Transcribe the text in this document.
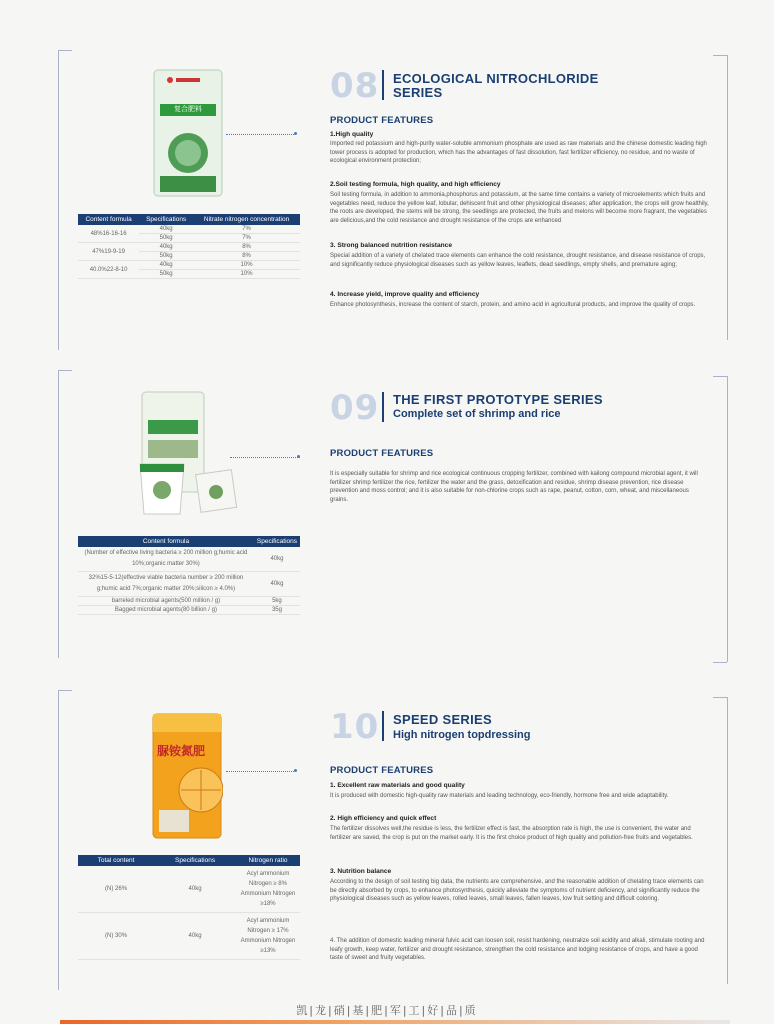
复合肥料
Content formula	Specifications	Nitrate nitrogen concentration
48%16-16-16	40kg	7%
	50kg	7%
47%19-9-19	40kg	8%
	50kg	8%
40.0%22-8-10	40kg	10%
	50kg	10%
08 ECOLOGICAL NITROCHLORIDE
SERIES
PRODUCT FEATURES
1.High quality
Imported red potassium and high-purity water-soluble ammonium phosphate are used as raw materials and the chinese domestic leading high tower process is adopted for production, which has the advantages of fast dissolution, fast fertilizer efficiency, no residue, and no waste of ecological environment protection;
2.Soil testing formula, high quality, and high efficiency
Soil testing formula, in addition to ammonia,phosphorus and potassium, at the same time contains a variety of microelements which fruits and vegetables need, reduce the yellow leaf, lobular, dehiscent fruit and other physiological diseases; after application, the crops will grow healthily, the roots are developed, the stems will be strong, the seedlings are protected, the fruits and melons will become more fragrant, the vegetables are delicious,and the cold resistance and drought resistance of the crops are enhanced
3. Strong balanced nutrition resistance
Special addition of a variety of chelated trace elements can enhance the cold resistance, drought resistance, and disease resistance of crops, and significantly reduce physiological diseases such as yellow leaves, leaflets, dead seedlings, empty shells, and premature aging;
4. Increase yield, improve quality and efficiency
Enhance photosynthesis, increase the content of starch, protein, and amino acid in agricultural products, and improve the quality of crops.
Content formula	Specifications
(Number of effective living bacteria ≥ 200 million g;humic acid 10%;organic matter 30%)	40kg
32%15-5-12(effective viable bacteria number ≥ 200 million g;humic acid 7%;organic matter 20%;silicon ≥ 4.0%)	40kg
barreled microbial agents(500 million / g)	5kg
Bagged microbial agents(80 billion / g)	35g
09 THE FIRST PROTOTYPE SERIES
Complete set of shrimp and rice
PRODUCT FEATURES
It is especially suitable for shrimp and rice ecological continuous cropping fertilizer, combined with kailong compound microbial agent, it will fertilizer shrimp fertilizer the rice, fertilizer the water and the grass, detoxification and residue, shrimp disease prevention, rice disease prevention and moss control; and it is also suitable for non-chlorine crops such as rape, peanut, cotton, corn, wheat, and miscellaneous grains.
脲铵氮肥
Total content	Specifications	Nitrogen ratio
(N) 26%	40kg	Acyl ammonium Nitrogen ≥ 8% Ammonium Nitrogen ≥18%
(N) 30%	40kg	Acyl ammonium Nitrogen ≥ 17% Ammonium Nitrogen ≥13%
10 SPEED SERIES
High nitrogen topdressing
PRODUCT FEATURES
1. Excellent raw materials and good quality
It is produced with domestic high-quality raw materials and leading technology, eco-friendly, hormone free and wide adaptability.
2. High efficiency and quick effect
The fertilizer dissolves well,the residue is less, the fertilizer effect is fast, the absorption rate is high, the use is convenient, the water and fertilizer are saved, the crop is put on the market early. It is the first choice product of high quality and pollution-free fruits and vegetables.
3. Nutrition balance
According to the design of soil testing big data, the nutrients are comprehensive, and the reasonable addition of chelating trace elements can be directly absorbed by crops, to enhance photosynthesis, quickly alleviate the symptoms of nutrient deficiency, and significantly reduce the physiological diseases such as yellow leaves, rolled leaves, small leaves, fallen leaves, low fruit setting and difficult coloring.
4. The addition of domestic leading mineral fulvic acid can loosen soil, resist hardening, neutralize soil acidity and alkali, stimulate rooting and leafy growth, keep water, fertilizer and drought resistance, strengthen the cold resistance and lodging resistance of crops, and have a good taste of sweet and fruity vegetables.
凯|龙|硝|基|肥|军|工|好|品|质
